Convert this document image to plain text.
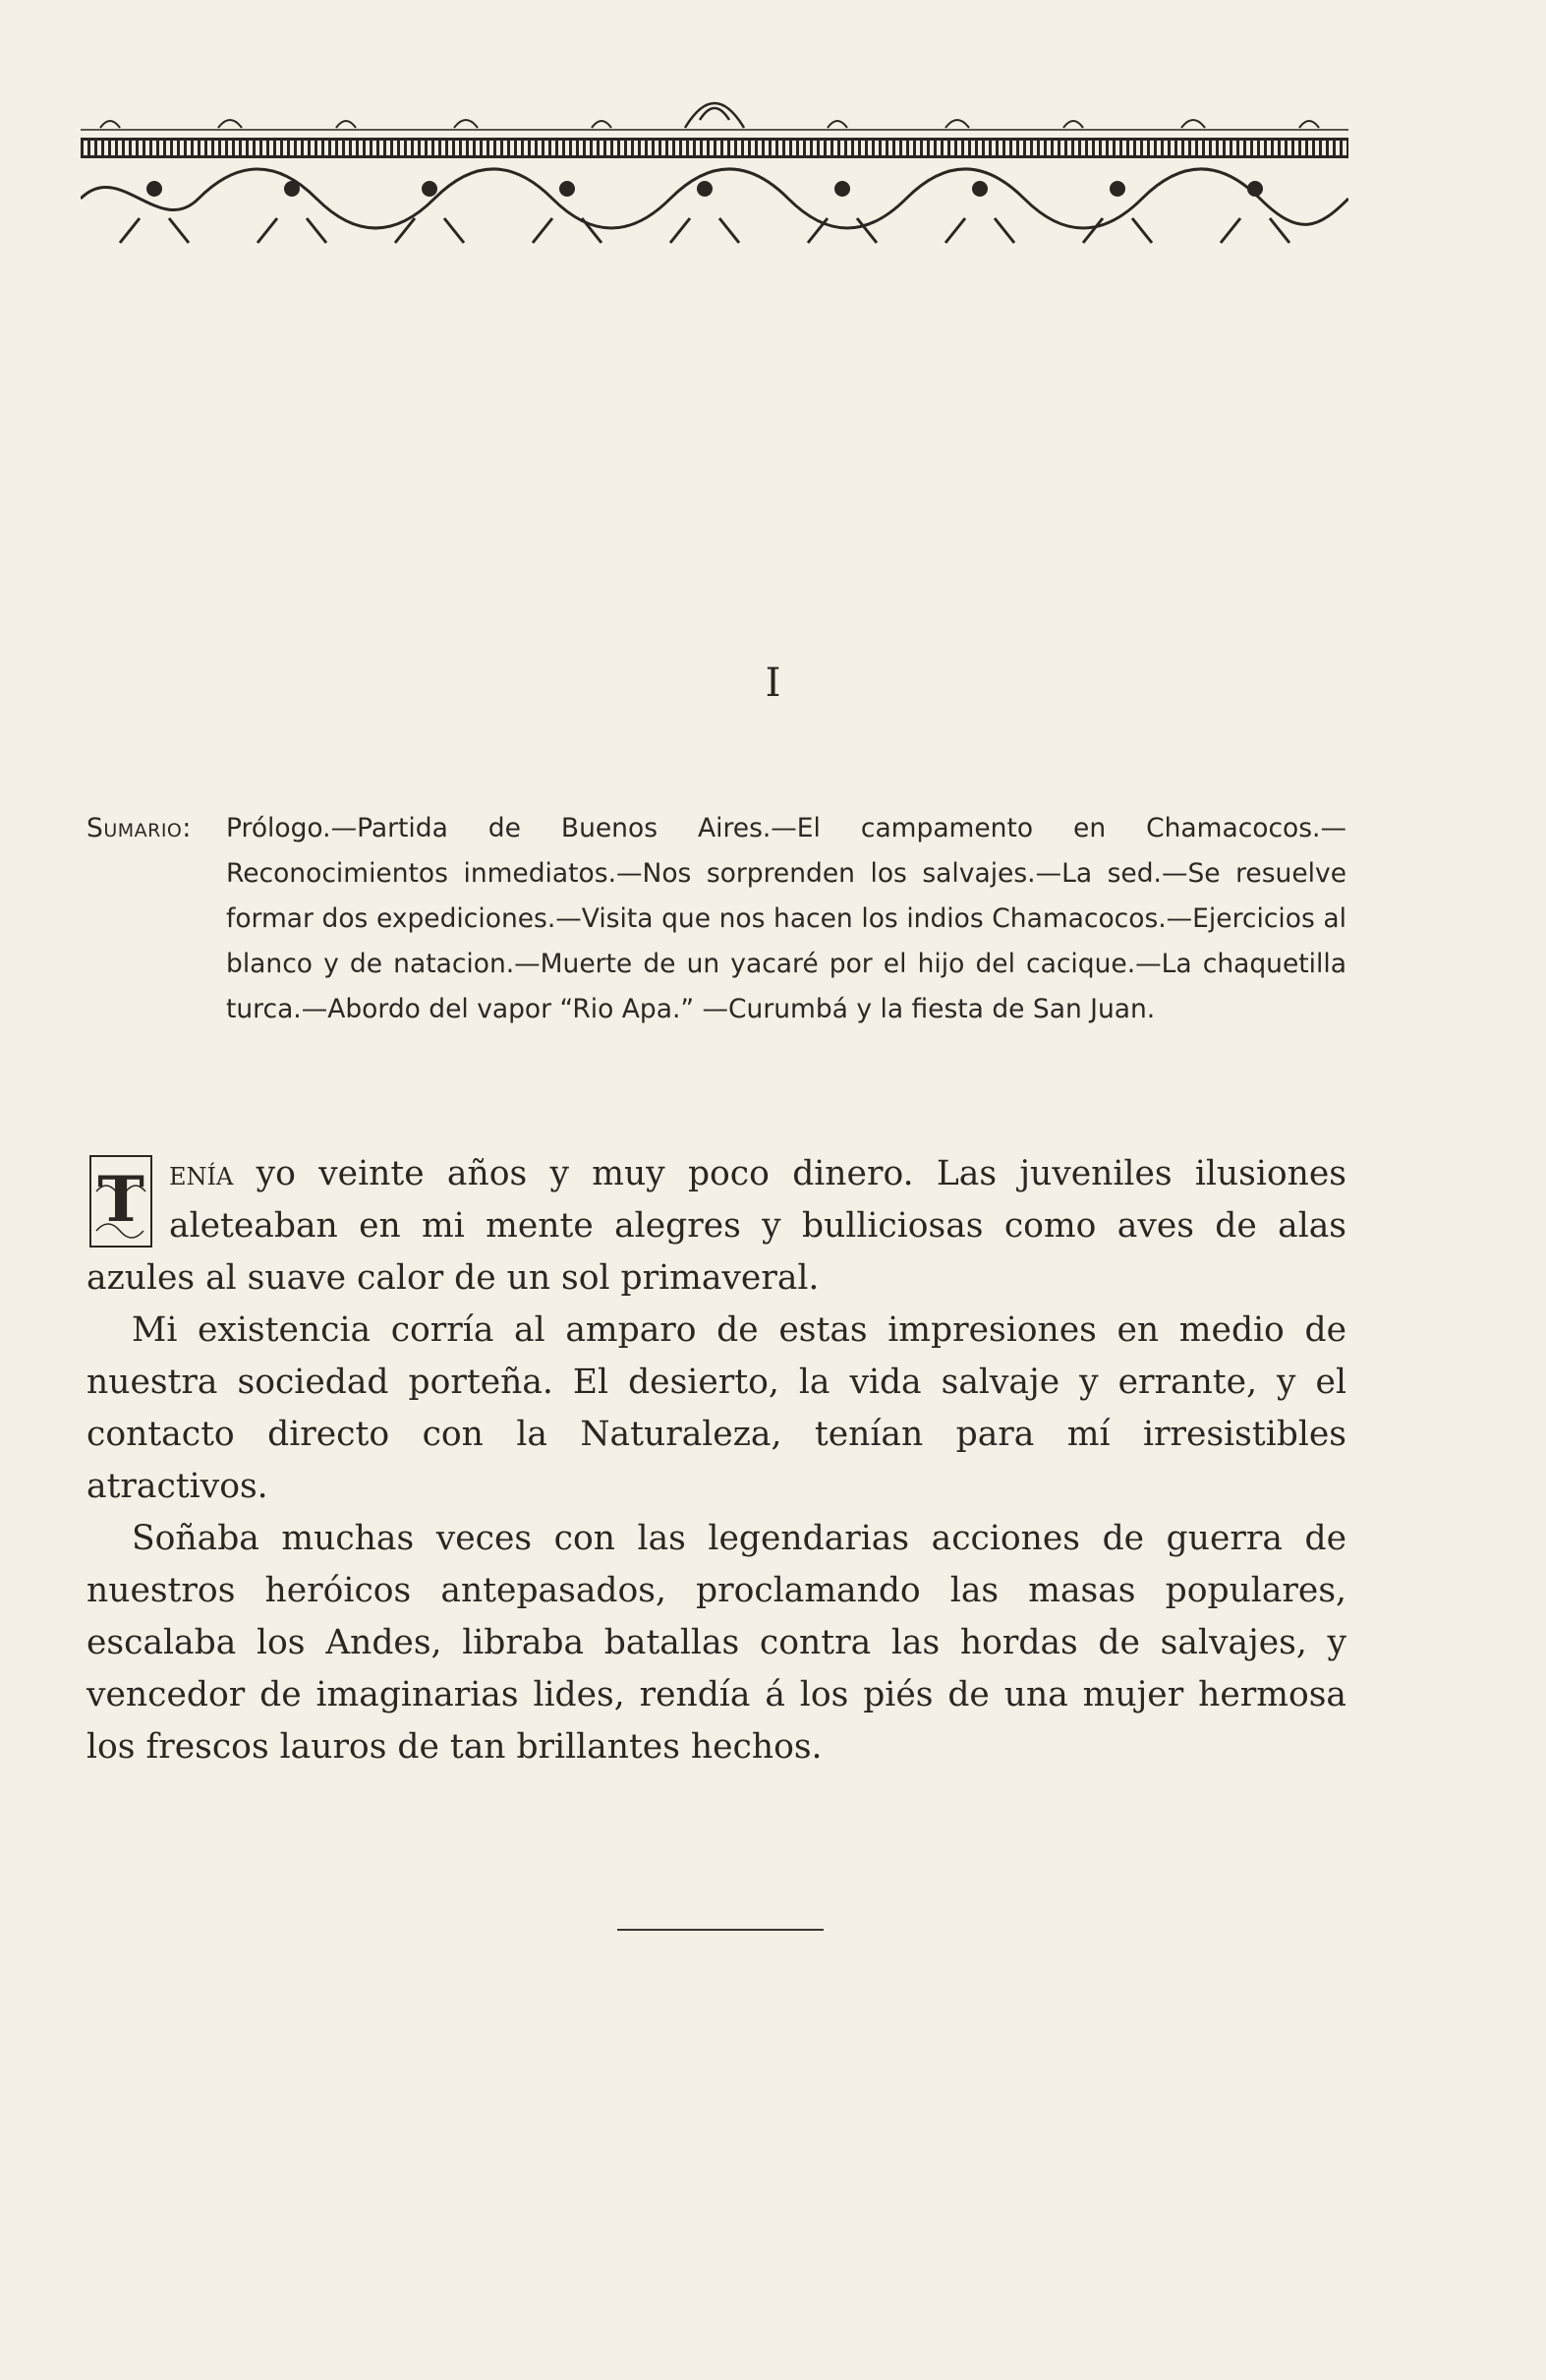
I
Sumario:	Prólogo.—Partida de Buenos Aires.—El campamento en Chamacocos.—Reconocimientos inmediatos.—Nos sorprenden los salvajes.—La sed.—Se resuelve formar dos expediciones.—Visita que nos hacen los indios Chamacocos.—Ejercicios al blanco y de natacion.—Muerte de un yacaré por el hijo del cacique.—La chaquetilla turca.—Abordo del vapor “Rio Apa.” —Curumbá y la fiesta de San Juan.

T enía yo veinte años y muy poco dinero. Las juveniles ilusiones aleteaban en mi mente alegres y bulliciosas como aves de alas azules al suave calor de un sol primaveral.

Mi existencia corría al amparo de estas impresiones en medio de nuestra sociedad porteña. El desierto, la vida salvaje y errante, y el contacto directo con la Naturaleza, tenían para mí irresistibles atractivos.

Soñaba muchas veces con las legendarias acciones de guerra de nuestros heróicos antepasados, proclamando las masas populares, escalaba los Andes, libraba batallas contra las hordas de salvajes, y vencedor de imaginarias lides, rendía á los piés de una mujer hermosa los frescos lauros de tan brillantes hechos.
